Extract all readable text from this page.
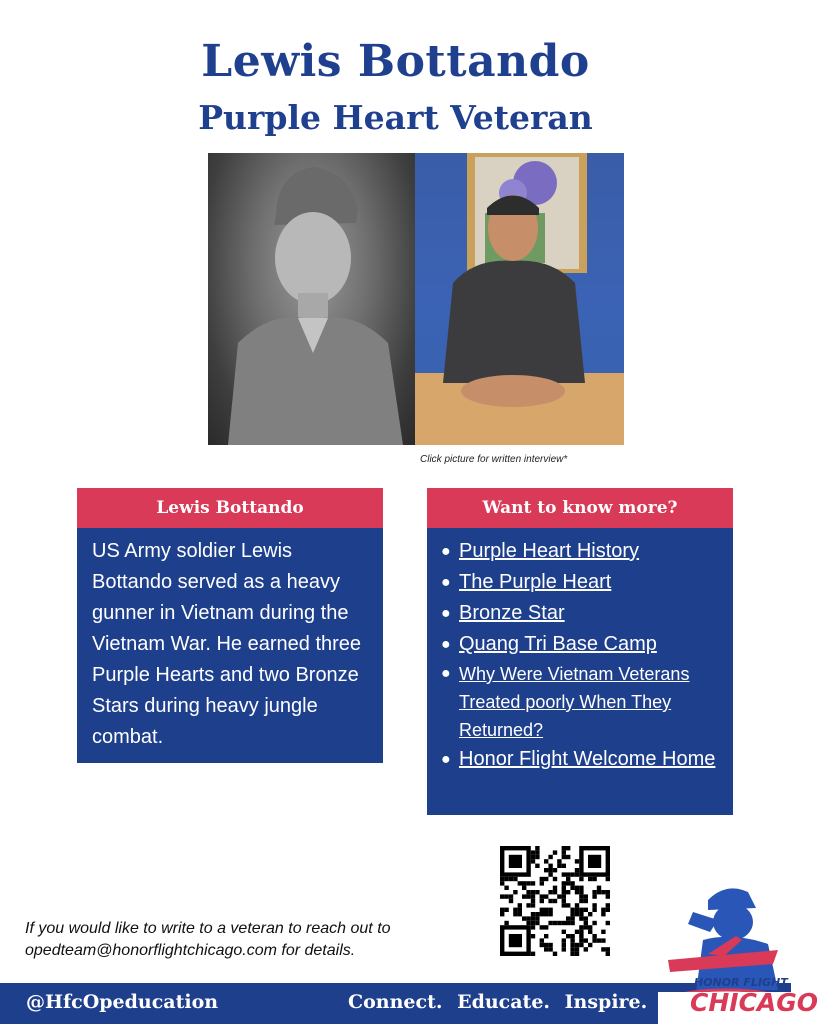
Lewis Bottando
Purple Heart Veteran
Click picture for written interview*
Lewis Bottando

US Army soldier Lewis Bottando served as a heavy gunner in Vietnam during the Vietnam War. He earned three Purple Hearts and two Bronze Stars during heavy jungle combat.

Want to know more?
● Purple Heart History
● The Purple Heart
● Bronze Star
● Quang Tri Base Camp
● Why Were Vietnam Veterans Treated poorly When They Returned?
● Honor Flight Welcome Home
If you would like to write to a veteran to reach out to
opedteam@honorflightchicago.com for details.
@HfcOpeducation	Connect. Educate. Inspire.
HONOR FLIGHT
CHICAGO
